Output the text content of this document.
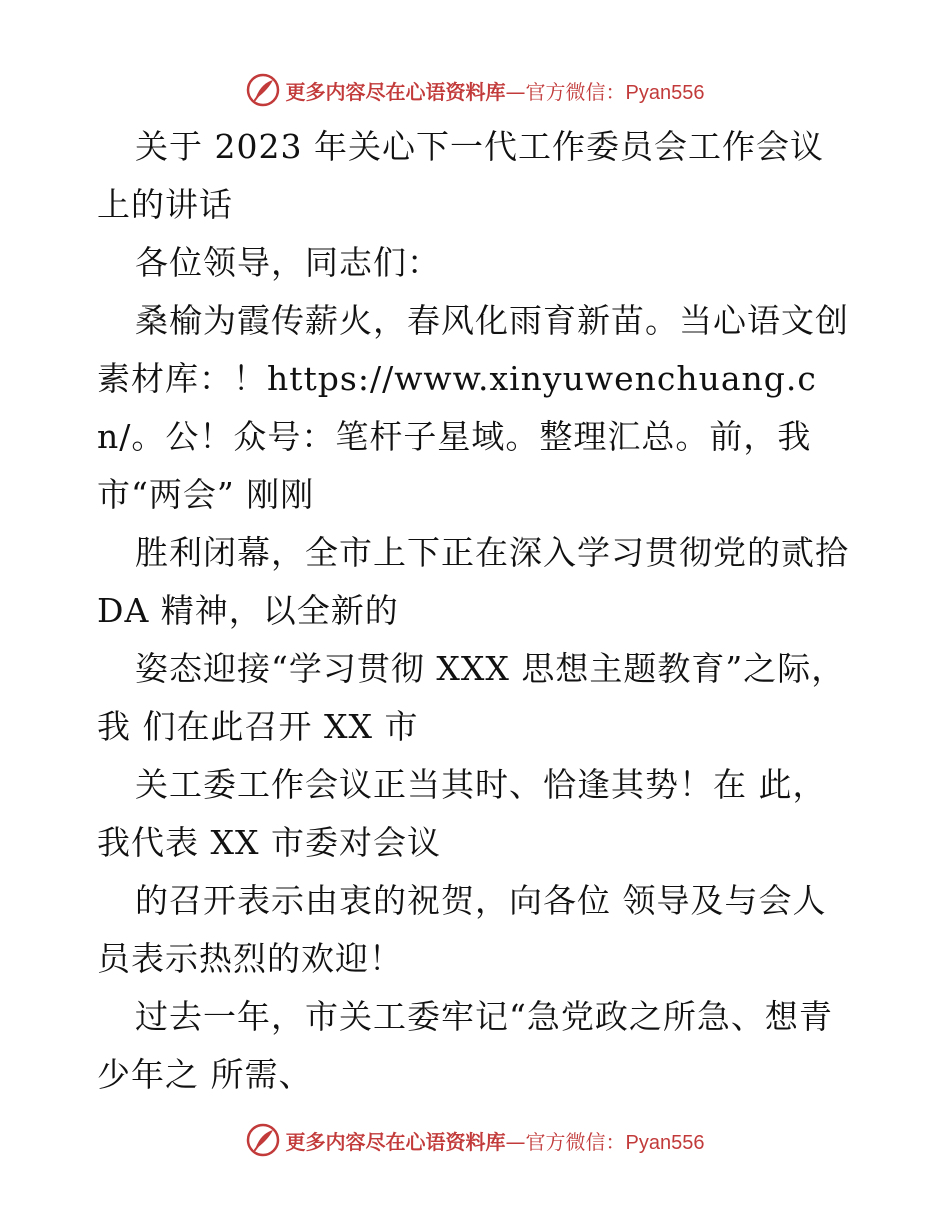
更多内容尽在心语资料库—官方微信：Pyan556

关于 2023 年关心下一代工作委员会工作会议上的讲话

各位领导，同志们：

桑榆为霞传薪火，春风化雨育新苗。当心语文创素材库：！https://www.xinyuwenchuang.cn/。公！众号：笔杆子星域。整理汇总。前，我市“两会” 刚刚

胜利闭幕，全市上下正在深入学习贯彻党的贰拾DA 精神，以全新的

姿态迎接“学习贯彻 XXX 思想主题教育”之际，我 们在此召开 XX 市

关工委工作会议正当其时、恰逢其势！在 此，我代表 XX 市委对会议

的召开表示由衷的祝贺，向各位 领导及与会人员表示热烈的欢迎！

过去一年，市关工委牢记“急党政之所急、想青少年之 所需、

更多内容尽在心语资料库—官方微信：Pyan556
